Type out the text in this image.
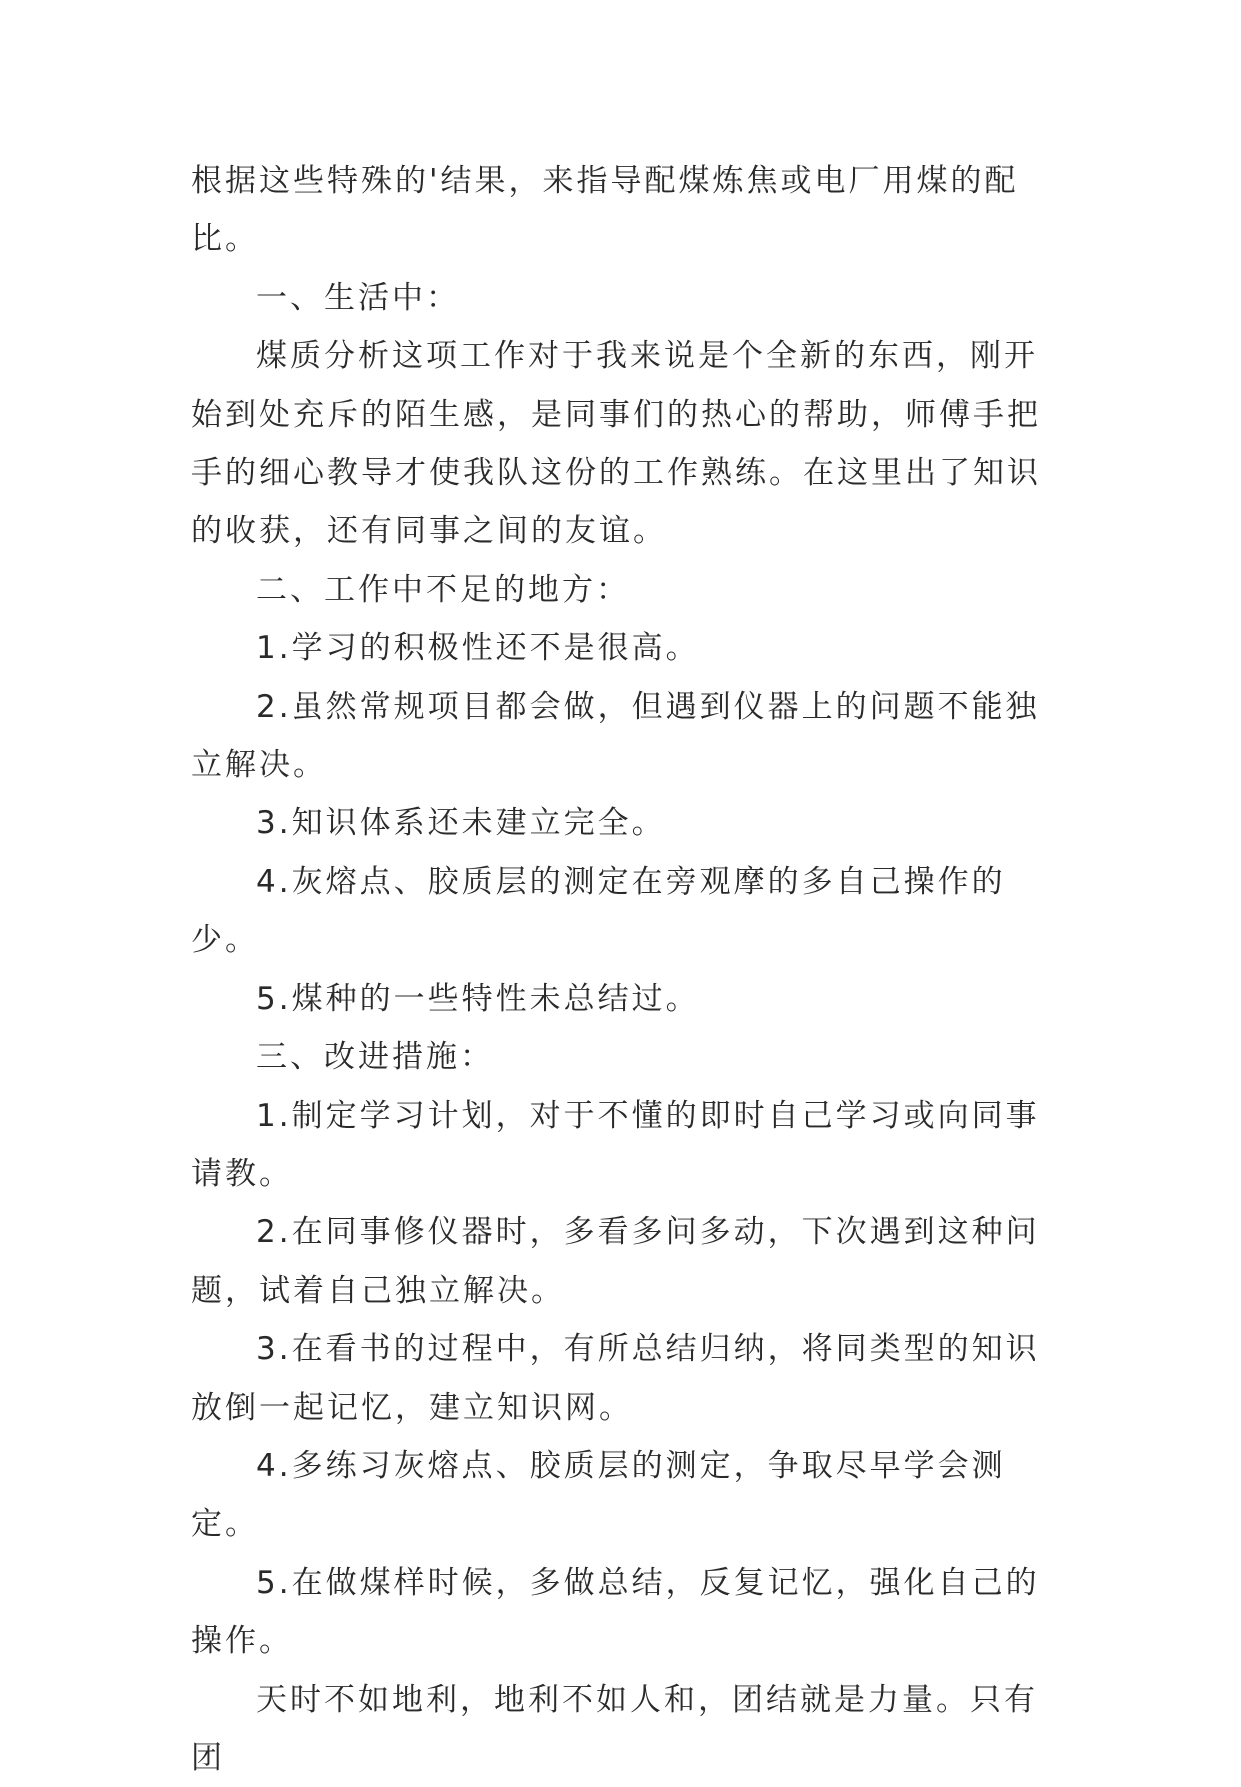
根据这些特殊的'结果，来指导配煤炼焦或电厂用煤的配比。

一、生活中：

煤质分析这项工作对于我来说是个全新的东西，刚开始到处充斥的陌生感，是同事们的热心的帮助，师傅手把手的细心教导才使我队这份的工作熟练。在这里出了知识的收获，还有同事之间的友谊。

二、工作中不足的地方：

1.学习的积极性还不是很高。

2.虽然常规项目都会做，但遇到仪器上的问题不能独立解决。

3.知识体系还未建立完全。

4.灰熔点、胶质层的测定在旁观摩的多自己操作的少。

5.煤种的一些特性未总结过。

三、改进措施：

1.制定学习计划，对于不懂的即时自己学习或向同事请教。

2.在同事修仪器时，多看多问多动，下次遇到这种问题，试着自己独立解决。

3.在看书的过程中，有所总结归纳，将同类型的知识放倒一起记忆，建立知识网。

4.多练习灰熔点、胶质层的测定，争取尽早学会测定。

5.在做煤样时候，多做总结，反复记忆，强化自己的操作。

天时不如地利，地利不如人和，团结就是力量。只有团
